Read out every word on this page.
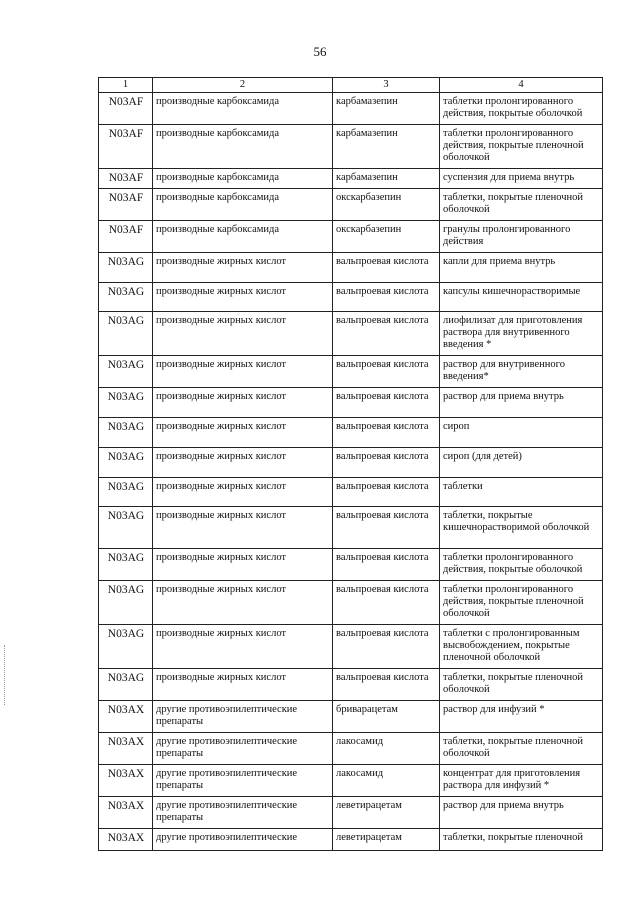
56
1	2	3	4
N03AF	производные карбоксамида	карбамазепин	таблетки пролонгированного действия, покрытые оболочкой
N03AF	производные карбоксамида	карбамазепин	таблетки пролонгированного действия, покрытые пленочной оболочкой
N03AF	производные карбоксамида	карбамазепин	суспензия для приема внутрь
N03AF	производные карбоксамида	окскарбазепин	таблетки, покрытые пленочной оболочкой
N03AF	производные карбоксамида	окскарбазепин	гранулы пролонгированного действия
N03AG	производные жирных кислот	вальпроевая кислота	капли для приема внутрь
N03AG	производные жирных кислот	вальпроевая кислота	капсулы кишечнорастворимые
N03AG	производные жирных кислот	вальпроевая кислота	лиофилизат для приготовления раствора для внутривенного введения *
N03AG	производные жирных кислот	вальпроевая кислота	раствор для внутривенного введения*
N03AG	производные жирных кислот	вальпроевая кислота	раствор для приема внутрь
N03AG	производные жирных кислот	вальпроевая кислота	сироп
N03AG	производные жирных кислот	вальпроевая кислота	сироп (для детей)
N03AG	производные жирных кислот	вальпроевая кислота	таблетки
N03AG	производные жирных кислот	вальпроевая кислота	таблетки, покрытые кишечнорастворимой оболочкой
N03AG	производные жирных кислот	вальпроевая кислота	таблетки пролонгированного действия, покрытые оболочкой
N03AG	производные жирных кислот	вальпроевая кислота	таблетки пролонгированного действия, покрытые пленочной оболочкой
N03AG	производные жирных кислот	вальпроевая кислота	таблетки с пролонгированным высвобождением, покрытые пленочной оболочкой
N03AG	производные жирных кислот	вальпроевая кислота	таблетки, покрытые пленочной оболочкой
N03AX	другие противоэпилептические препараты	бриварацетам	раствор для инфузий *
N03AX	другие противоэпилептические препараты	лакосамид	таблетки, покрытые пленочной оболочкой
N03AX	другие противоэпилептические препараты	лакосамид	концентрат для приготовления раствора для инфузий *
N03AX	другие противоэпилептические препараты	леветирацетам	раствор для приема внутрь
N03AX	другие противоэпилептические	леветирацетам	таблетки, покрытые пленочной
